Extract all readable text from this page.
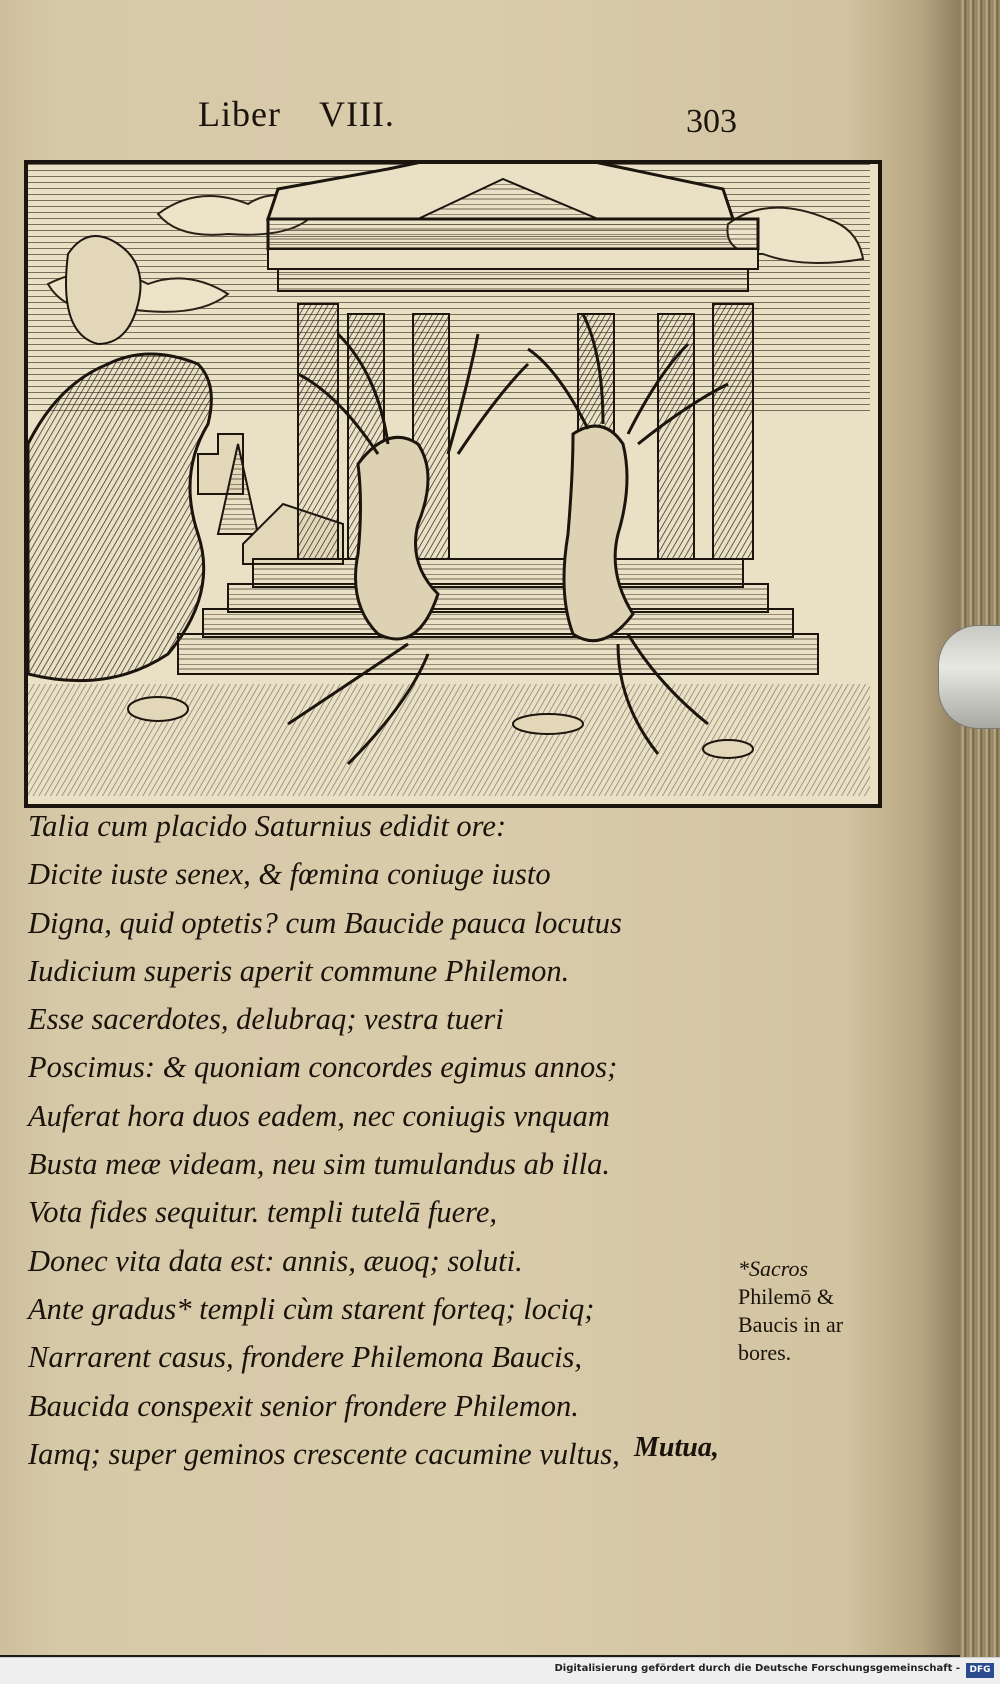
Liber VIII.	303
Talia cum placido Saturnius edidit ore:
Dicite iuste senex, & fœmina coniuge iusto
Digna, quid optetis? cum Baucide pauca locutus
Iudicium superis aperit commune Philemon.
Esse sacerdotes, delubraq; vestra tueri
Poscimus: & quoniam concordes egimus annos;
Auferat hora duos eadem, nec coniugis vnquam
Busta meæ videam, neu sim tumulandus ab illa.
Vota fides sequitur. templi tutelā fuere,
Donec vita data est: annis, æuoq; soluti.
Ante gradus* templi cùm starent forteq; lociq;
Narrarent casus, frondere Philemona Baucis,
Baucida conspexit senior frondere Philemon.
Iamq; super geminos crescente cacumine vultus,
*Sacros
Philemō &
Baucis in ar
bores.
Mutua,
Digitalisierung gefördert durch die Deutsche Forschungsgemeinschaft -	DFG
